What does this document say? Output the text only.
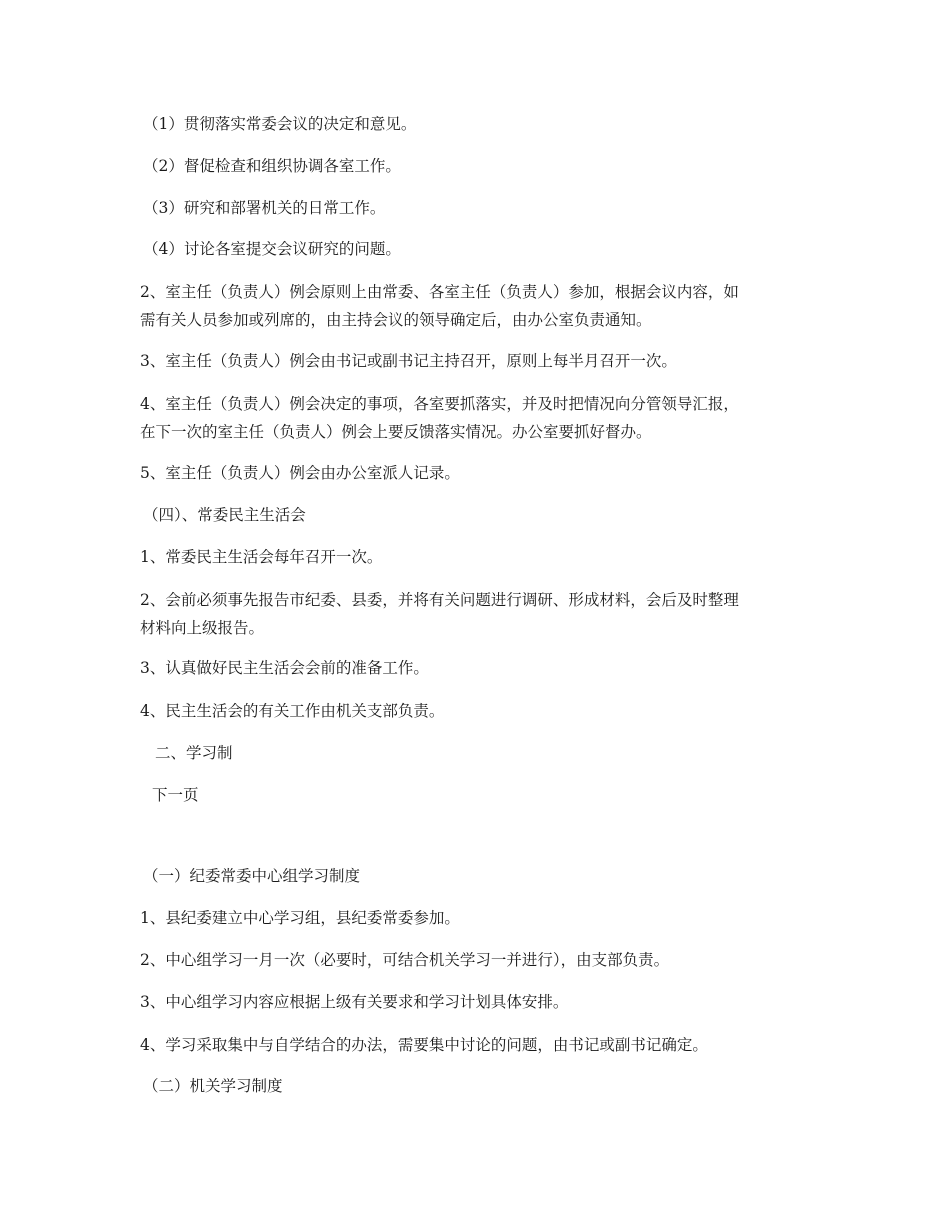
（1）贯彻落实常委会议的决定和意见。

（2）督促检查和组织协调各室工作。

（3）研究和部署机关的日常工作。

（4）讨论各室提交会议研究的问题。

2、室主任（负责人）例会原则上由常委、各室主任（负责人）参加，根据会议内容，如

需有关人员参加或列席的，由主持会议的领导确定后，由办公室负责通知。

3、室主任（负责人）例会由书记或副书记主持召开，原则上每半月召开一次。

4、室主任（负责人）例会决定的事项，各室要抓落实，并及时把情况向分管领导汇报，

在下一次的室主任（负责人）例会上要反馈落实情况。办公室要抓好督办。

5、室主任（负责人）例会由办公室派人记录。

（四）、常委民主生活会

1、常委民主生活会每年召开一次。

2、会前必须事先报告市纪委、县委，并将有关问题进行调研、形成材料，会后及时整理

材料向上级报告。

3、认真做好民主生活会会前的准备工作。

4、民主生活会的有关工作由机关支部负责。

二、学习制

下一页

（一）纪委常委中心组学习制度

1、县纪委建立中心学习组，县纪委常委参加。

2、中心组学习一月一次（必要时，可结合机关学习一并进行），由支部负责。

3、中心组学习内容应根据上级有关要求和学习计划具体安排。

4、学习采取集中与自学结合的办法，需要集中讨论的问题，由书记或副书记确定。

（二）机关学习制度
